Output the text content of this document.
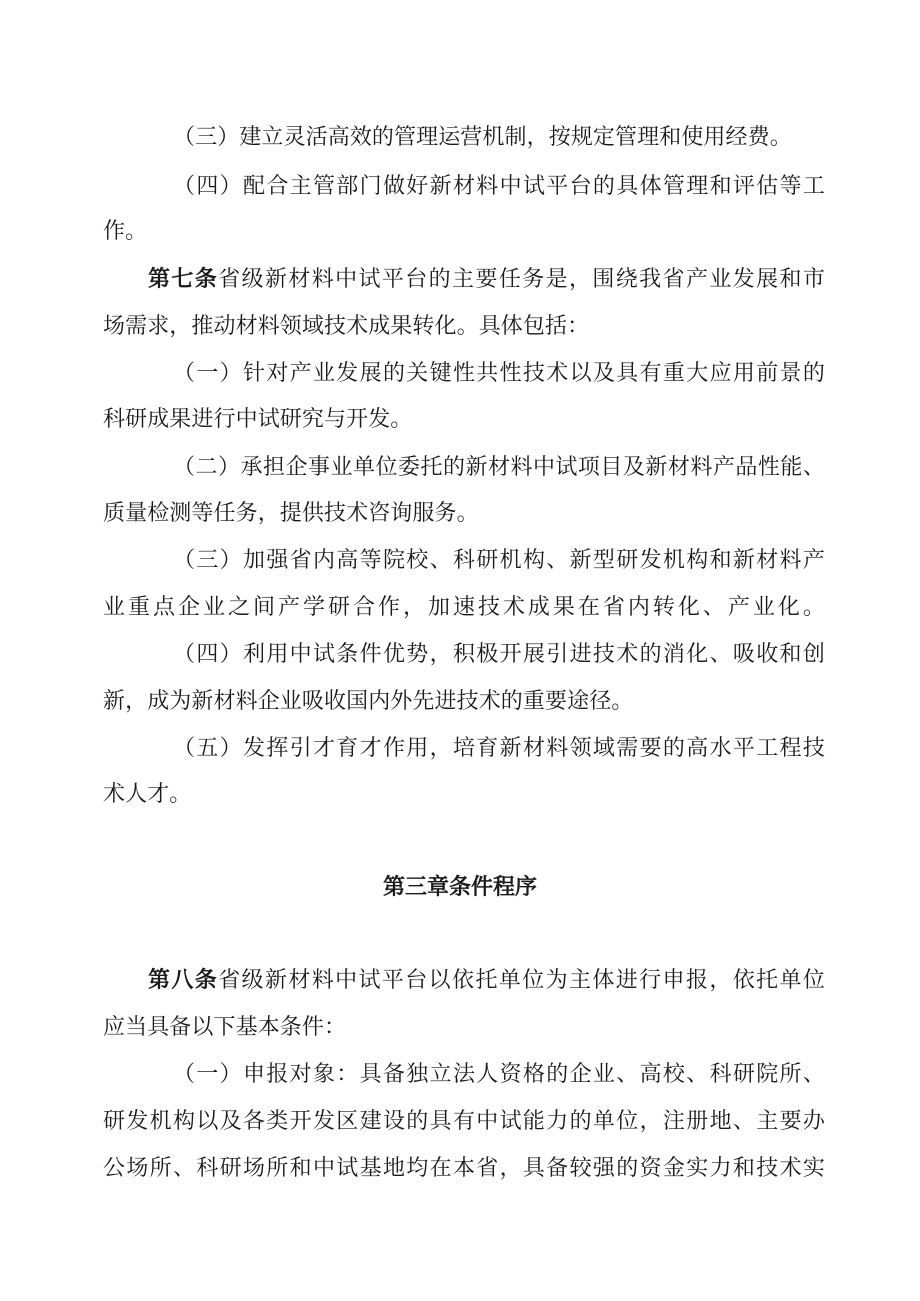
（三）建立灵活高效的管理运营机制，按规定管理和使用经费。
（四）配合主管部门做好新材料中试平台的具体管理和评估等工
作。
第七条省级新材料中试平台的主要任务是，围绕我省产业发展和市
场需求，推动材料领域技术成果转化。具体包括：
（一）针对产业发展的关键性共性技术以及具有重大应用前景的
科研成果进行中试研究与开发。
（二）承担企事业单位委托的新材料中试项目及新材料产品性能、
质量检测等任务，提供技术咨询服务。
（三）加强省内高等院校、科研机构、新型研发机构和新材料产
业重点企业之间产学研合作，加速技术成果在省内转化、产业化。
（四）利用中试条件优势，积极开展引进技术的消化、吸收和创
新，成为新材料企业吸收国内外先进技术的重要途径。
（五）发挥引才育才作用，培育新材料领域需要的高水平工程技
术人才。
第三章条件程序
第八条省级新材料中试平台以依托单位为主体进行申报，依托单位
应当具备以下基本条件：
（一）申报对象：具备独立法人资格的企业、高校、科研院所、
研发机构以及各类开发区建设的具有中试能力的单位，注册地、主要办
公场所、科研场所和中试基地均在本省，具备较强的资金实力和技术实
